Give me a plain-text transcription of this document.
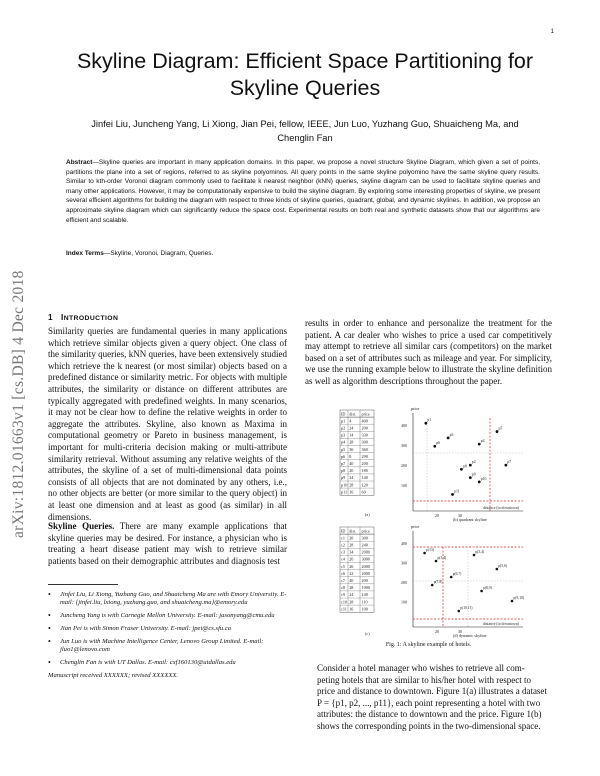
1
arXiv:1812.01663v1 [cs.DB] 4 Dec 2018
Skyline Diagram: Efficient Space Partitioning for
Skyline Queries
Jinfei Liu, Juncheng Yang, Li Xiong, Jian Pei, fellow, IEEE, Jun Luo, Yuzhang Guo, Shuaicheng Ma, and
Chenglin Fan
Abstract—Skyline queries are important in many application domains. In this paper, we propose a novel structure Skyline Diagram, which given a set of points, partitions the plane into a set of regions, referred to as skyline polyominos. All query points in the same skyline polyomino have the same skyline query results. Similar to kth-order Voronoi diagram commonly used to facilitate k nearest neighbor (kNN) queries, skyline diagram can be used to facilitate skyline queries and many other applications. However, it may be computationally expensive to build the skyline diagram. By exploring some interesting properties of skyline, we present several efficient algorithms for building the diagram with respect to three kinds of skyline queries, quadrant, global, and dynamic skylines. In addition, we propose an approximate skyline diagram which can significantly reduce the space cost. Experimental results on both real and synthetic datasets show that our algorithms are efficient and scalable.
Index Terms—Skyline, Voronoi, Diagram, Queries.
1 INTRODUCTION
Similarity queries are fundamental queries in many applications which retrieve similar objects given a query object. One class of the similarity queries, kNN queries, have been extensively studied which retrieve the k nearest (or most similar) objects based on a predefined distance or similarity metric. For objects with multiple attributes, the similarity or distance on different attributes are typically aggregated with predefined weights. In many scenarios, it may not be clear how to define the relative weights in order to aggregate the attributes. Skyline, also known as Maxima in computational geometry or Pareto in business management, is important for multi-criteria decision making or multi-attribute similarity retrieval. Without assuming any relative weights of the attributes, the skyline of a set of multi-dimensional data points consists of all objects that are not dominated by any others, i.e., no other objects are better (or more similar to the query object) in at least one dimension and at least as good (as similar) in all dimensions.
Skyline Queries. There are many example applications that skyline queries may be desired. For instance, a physician who is treating a heart disease patient may wish to retrieve similar patients based on their demographic attributes and diagnosis test
• Jinfei Liu, Li Xiong, Yuzhang Guo, and Shuaicheng Ma are with Emory University. E-mail: {jinfei.liu, lxiong, yuzhang.guo, and shuaicheng.ma}@emory.edu
• Juncheng Yang is with Carnegie Mellon University. E-mail: jasonyang@cmu.edu
• Jian Pei is with Simon Fraser University. E-mail: jpei@cs.sfu.ca
• Jun Luo is with Machine Intelligence Center, Lenovo Group Limited. E-mail: jluo1@lenovo.com
• Chenglin Fan is with UT Dallas. E-mail: cxf160130@utdallas.edu
Manuscript received XXXXXX; revised XXXXXX.
results in order to enhance and personalize the treatment for the patient. A car dealer who wishes to price a used car competitively may attempt to retrieve all similar cars (competitors) on the market based on a set of attributes such as mileage and year. For simplicity, we use the running example below to illustrate the skyline definition as well as algorithm descriptions throughout the paper.
ID dist. price
p1 4 400
p2 24 200
p3 14 330
p4 28 300
p5 36 360
p6 8 290
p7 40 200
p8 20 180
p9 24 140
p10 28 120
p11 16 60
ID dist. price
c1 20 300
c2 28 240
c3 34 2000
c4 26 3000
c5 26 2000
c6 22 2000
c7 40 200
c8 28 1000
c9 24 140
c10 28 110
c11 16 100
price
400
300
200
100
20	30
distance (to downtown)
p1
p2
p3
p4
p5
p6
p7
p8
p9
p10
p11
price
400
300
200
100
20	30
distance (to downtown)
p(13)	p(3,4)
p(3,4)
p(5,6)
p(6,7)
p(7,8)
p(8,9)
p(9,10)
p(10,11)
(a)
(b) quadrant skyline
(c)	(d) dynamic skyline
Fig. 1: A skyline example of hotels.
Consider a hotel manager who wishes to retrieve all com-
peting hotels that are similar to his/her hotel with respect to
price and distance to downtown. Figure 1(a) illustrates a dataset
P = {p1, p2, ..., p11}, each point representing a hotel with two
attributes: the distance to downtown and the price. Figure 1(b)
shows the corresponding points in the two-dimensional space.
